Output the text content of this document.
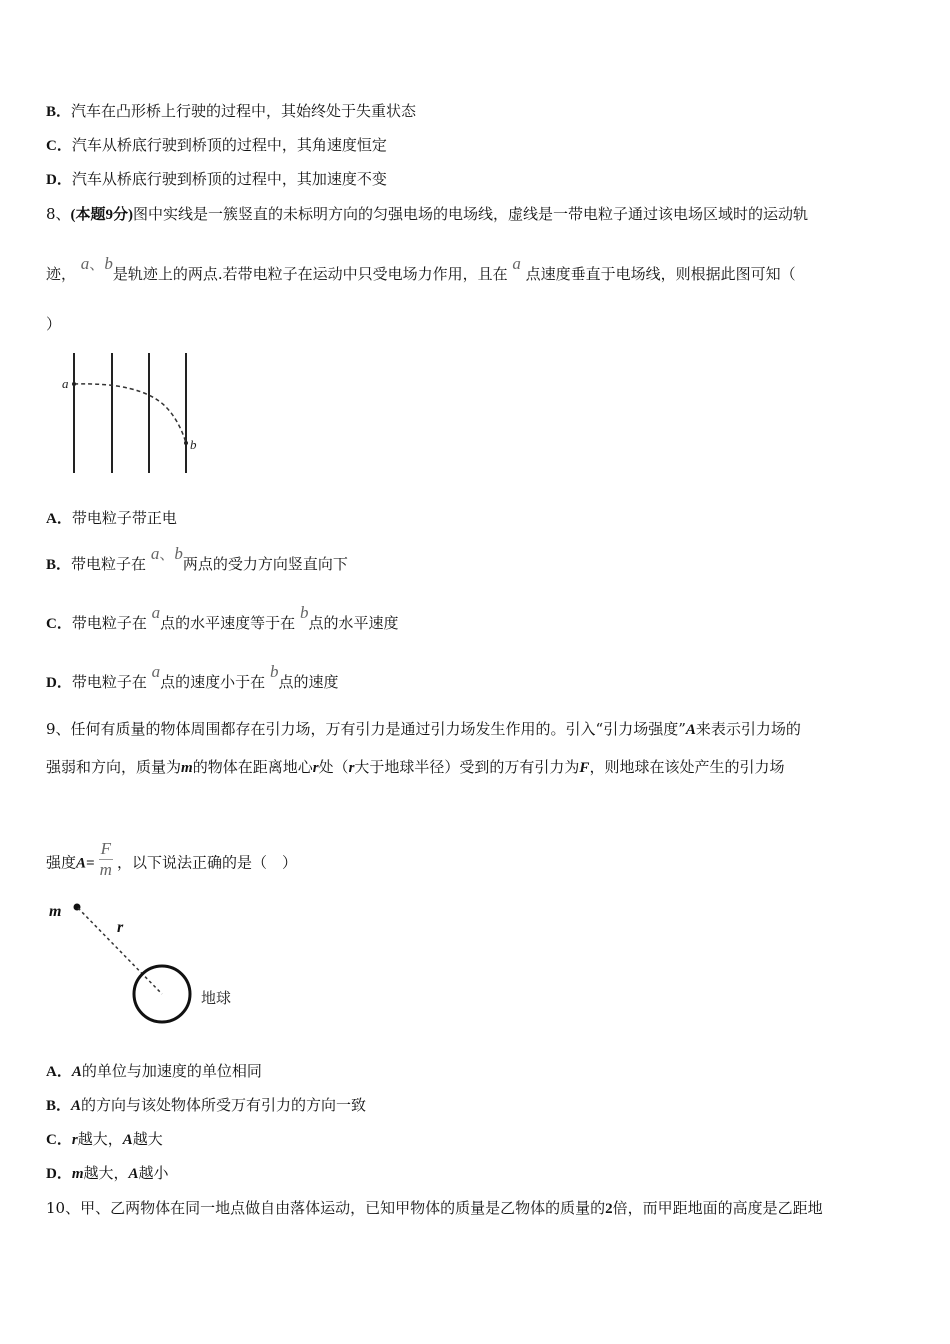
B．汽车在凸形桥上行驶的过程中，其始终处于失重状态
C．汽车从桥底行驶到桥顶的过程中，其角速度恒定
D．汽车从桥底行驶到桥顶的过程中，其加速度不变
8、(本题9分)图中实线是一簇竖直的未标明方向的匀强电场的电场线，虚线是一带电粒子通过该电场区域时的运动轨
迹， a、b是轨迹上的两点.若带电粒子在运动中只受电场力作用，且在 a 点速度垂直于电场线，则根据此图可知（
）
a
b
A．带电粒子带正电
B．带电粒子在 a、b两点的受力方向竖直向下
C．带电粒子在 a点的水平速度等于在 b点的水平速度
D．带电粒子在 a点的速度小于在 b点的速度
9、任何有质量的物体周围都存在引力场，万有引力是通过引力场发生作用的。引入“引力场强度”A来表示引力场的
强弱和方向，质量为m的物体在距离地心r处（r大于地球半径）受到的万有引力为F，则地球在该处产生的引力场
强度$A= \frac{F}{m}$ ，以下说法正确的是（　）
m
r
地球
A．A的单位与加速度的单位相同
B．A的方向与该处物体所受万有引力的方向一致
C．r越大，A越大
D．m越大，A越小
10、甲、乙两物体在同一地点做自由落体运动，已知甲物体的质量是乙物体的质量的2倍，而甲距地面的高度是乙距地
